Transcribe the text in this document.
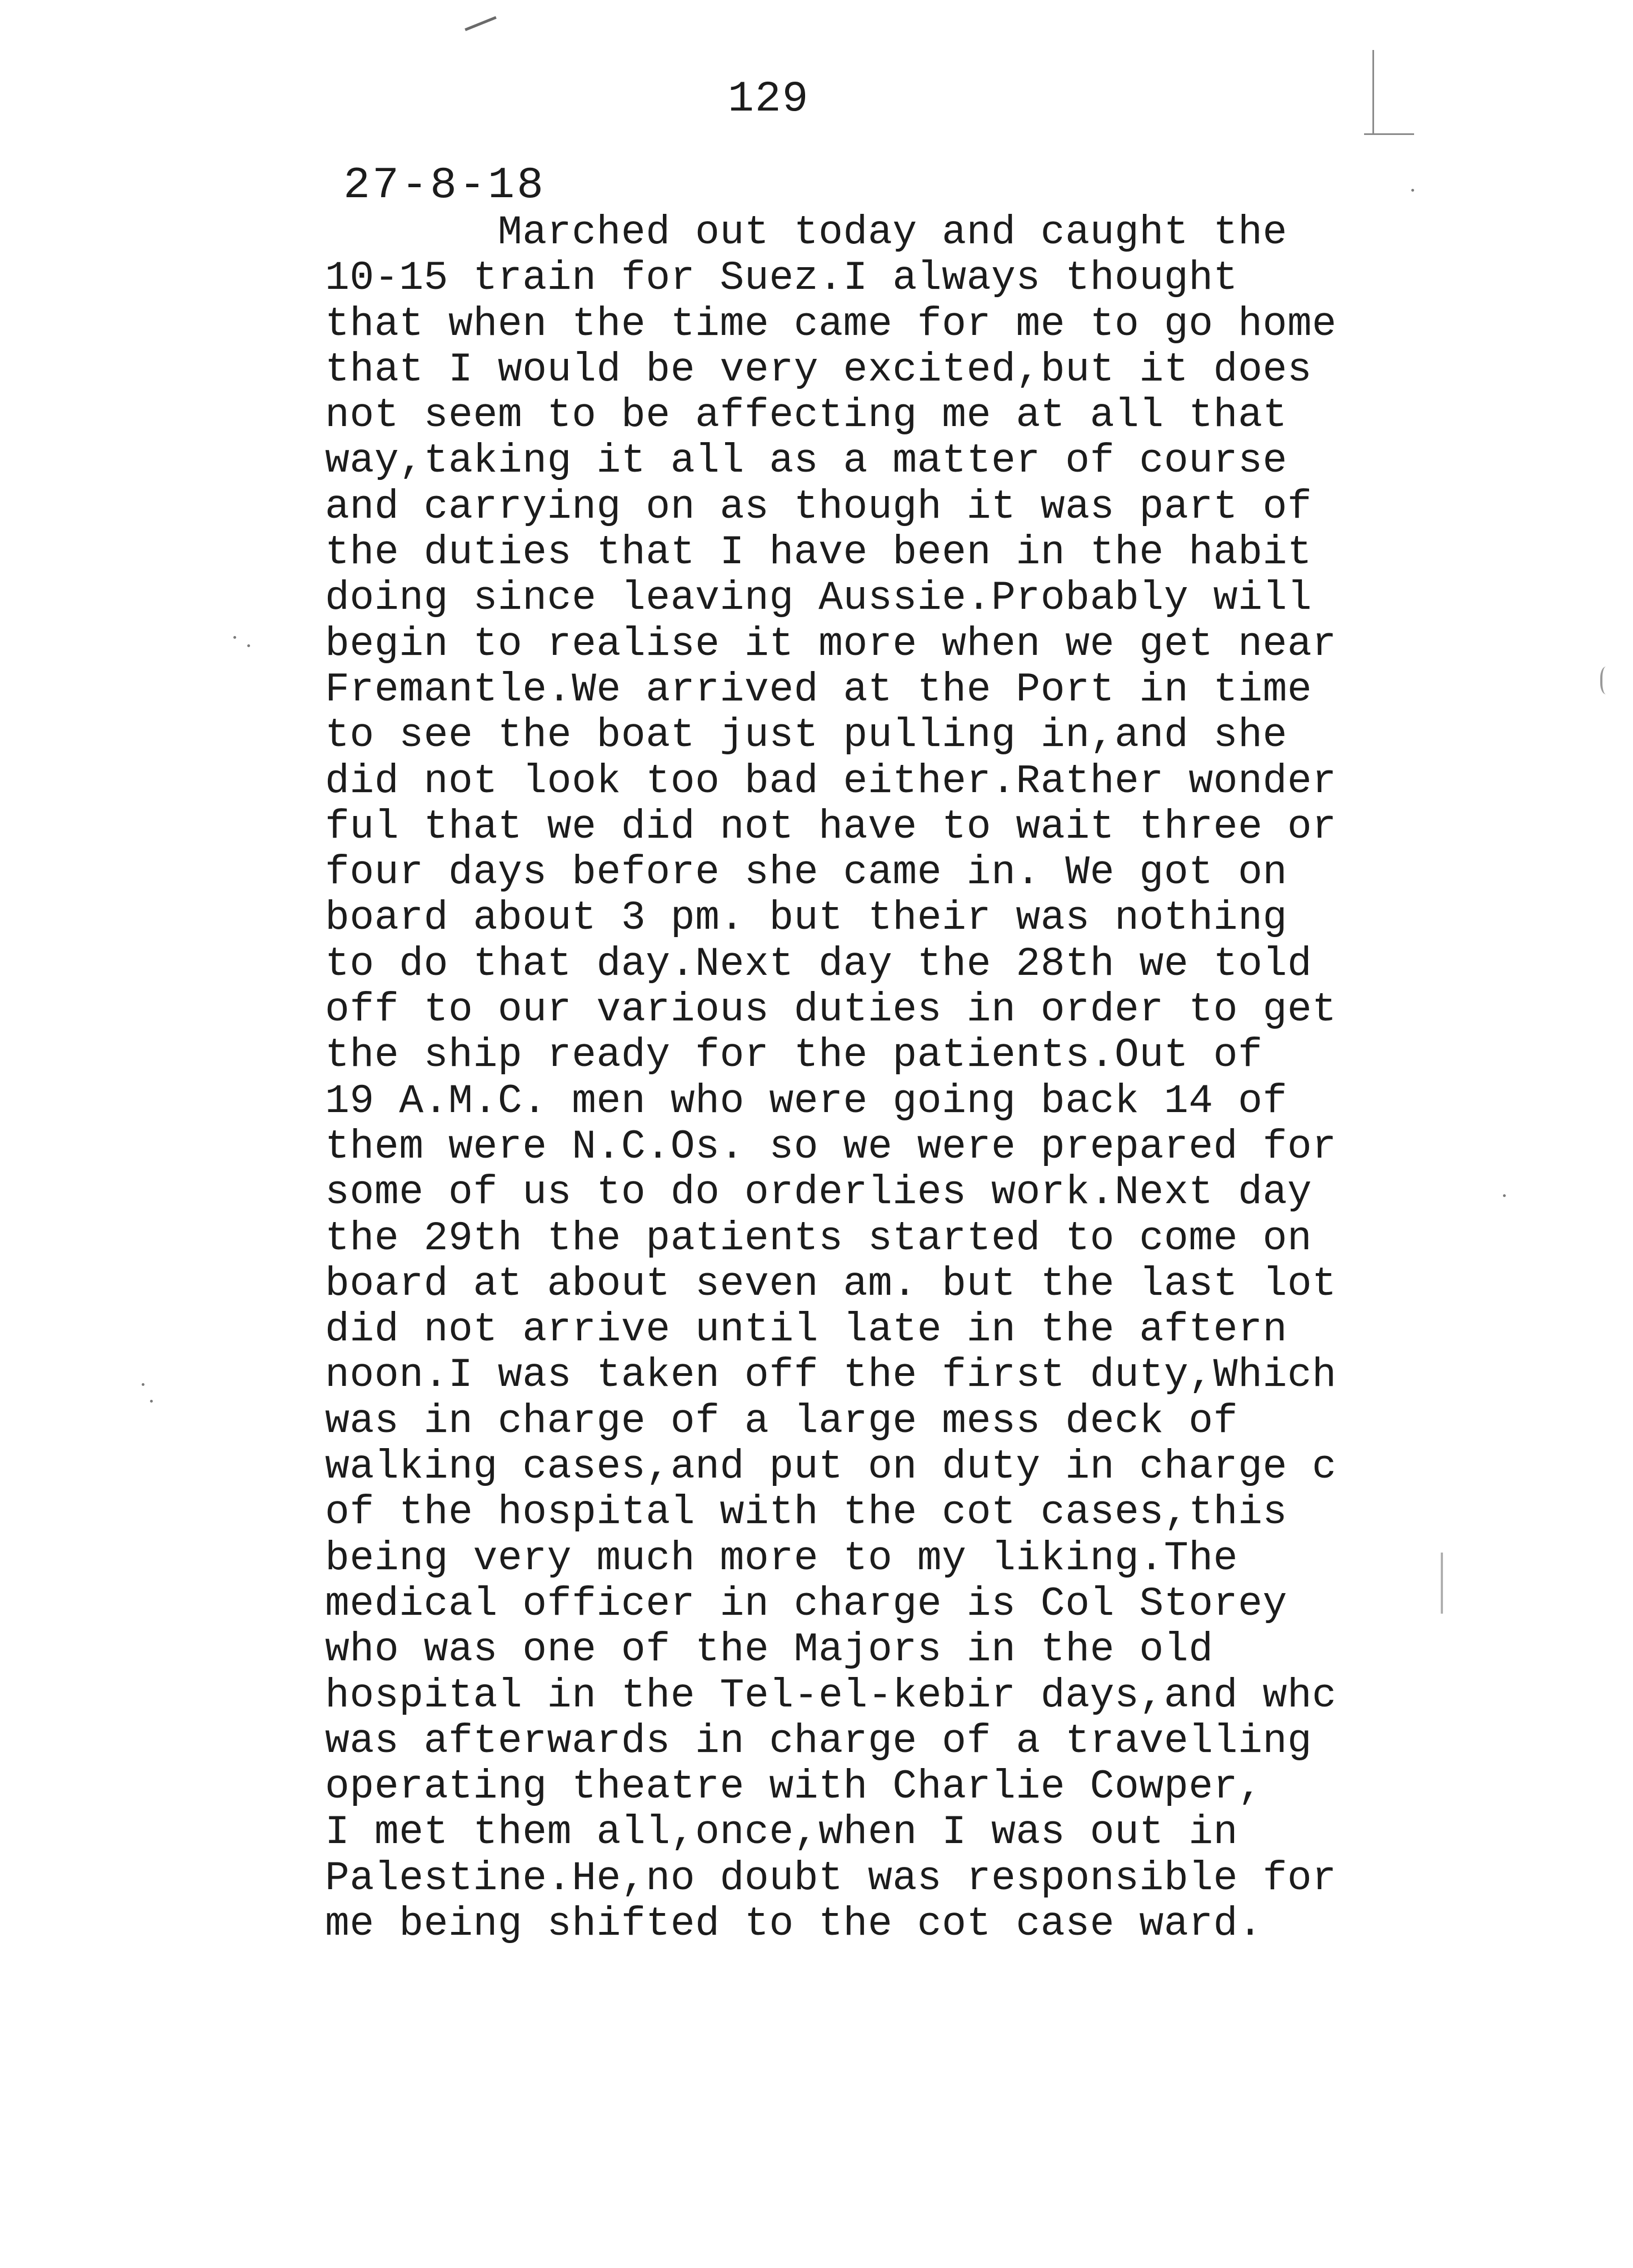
129
27-8-18
Marched out today and caught the
10-15 train for Suez.I always thought
that when the time came for me to go home
that I would be very excited,but it does
not seem to be affecting me at all that
way,taking it all as a matter of course
and carrying on as though it was part of
the duties that I have been in the habit
doing since leaving Aussie.Probably will
begin to realise it more when we get near
Fremantle.We arrived at the Port in time
to see the boat just pulling in,and she
did not look too bad either.Rather wonder
ful that we did not have to wait three or
four days before she came in. We got on
board about 3 pm. but their was nothing
to do that day.Next day the 28th we told
off to our various duties in order to get
the ship ready for the patients.Out of
19 A.M.C. men who were going back 14 of
them were N.C.Os. so we were prepared for
some of us to do orderlies work.Next day
the 29th the patients started to come on
board at about seven am. but the last lot
did not arrive until late in the aftern
noon.I was taken off the first duty,Which
was in charge of a large mess deck of
walking cases,and put on duty in charge c
of the hospital with the cot cases,this
being very much more to my liking.The
medical officer in charge is Col Storey
who was one of the Majors in the old
hospital in the Tel-el-kebir days,and whc
was afterwards in charge of a travelling
operating theatre with Charlie Cowper,
I met them all,once,when I was out in
Palestine.He,no doubt was responsible for
me being shifted to the cot case ward.
